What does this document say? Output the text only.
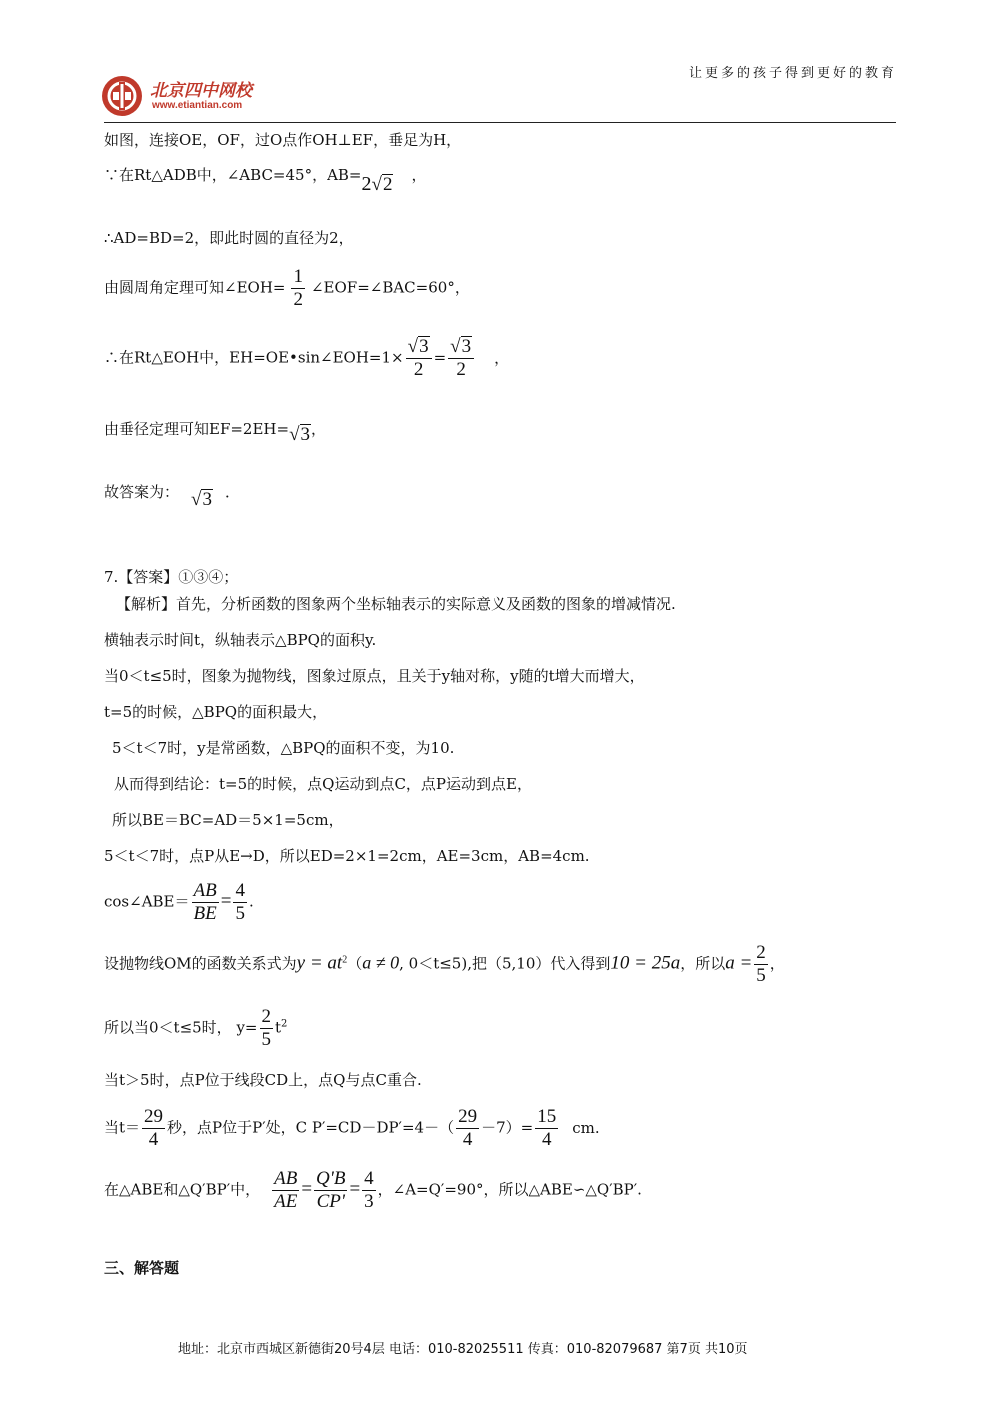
北京四中网校
www.etiantian.com
让更多的孩子得到更好的教育
如图，连接OE，OF，过O点作OH⊥EF，垂足为H，
∵在Rt△ADB中，∠ABC=45°，AB=2√2 ，
∴AD=BD=2，即此时圆的直径为2，
由圆周角定理可知∠EOH= $\frac{1}{2}$ ∠EOF=∠BAC=60°，
∴在Rt△EOH中，EH=OE•sin∠EOH=1× $\frac{√3}{2} = \frac{√3}{2}$ ，
由垂径定理可知EF=2EH=√3，
故答案为： √3 ．
7.【答案】①③④；
【解析】首先，分析函数的图象两个坐标轴表示的实际意义及函数的图象的增减情况.
横轴表示时间t，纵轴表示△BPQ的面积y.
当0＜t≤5时，图象为抛物线，图象过原点，且关于y轴对称，y随的t增大而增大，
t=5的时候，△BPQ的面积最大，
5＜t＜7时，y是常函数，△BPQ的面积不变，为10.
从而得到结论：t=5的时候，点Q运动到点C，点P运动到点E，
所以BE＝BC=AD＝5×1=5cm，
5＜t＜7时，点P从E→D，所以ED=2×1=2cm，AE=3cm，AB=4cm.
cos∠ABE＝ $\frac{AB}{BE} = \frac{4}{5}$ .
设抛物线OM的函数关系式为$y = at^2(a \ne 0$, 0＜t≤5),把（5,10）代入得到10 = 25a，所以$a = \frac{2}{5}$ ，
所以当0＜t≤5时， $y= \frac{2}{5} t^2$
当t＞5时，点P位于线段CD上，点Q与点C重合.
当$t= \frac{29}{4}$ 秒，点P位于P′处，C $P'=CD-DP'=4-( \frac{29}{4} -7)= \frac{15}{4}$ cm.
在△ABE和△Q′BP′中， $\frac{AB}{AE} = \frac{Q'B}{CP'} = \frac{4}{3}$ ，∠A=Q′=90°，所以△ABE∽△Q′BP′.
三、解答题
地址：北京市西城区新德街20号4层 电话：010-82025511 传真：010-82079687 第7页 共10页
